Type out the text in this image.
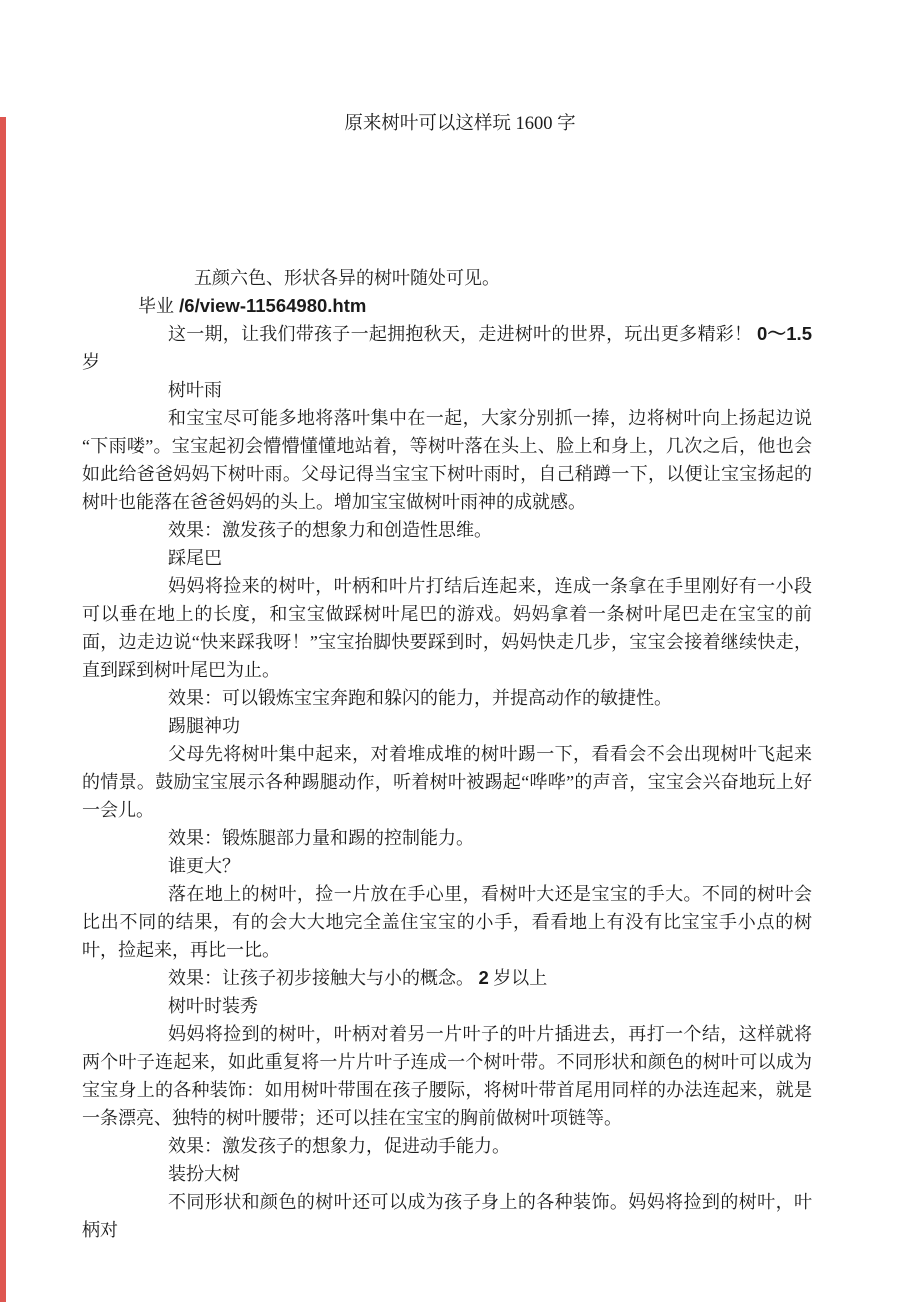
原来树叶可以这样玩 1600 字

五颜六色、形状各异的树叶随处可见。

毕业 /6/view-11564980.htm

这一期，让我们带孩子一起拥抱秋天，走进树叶的世界，玩出更多精彩！ 0～1.5 岁

树叶雨

和宝宝尽可能多地将落叶集中在一起，大家分别抓一捧，边将树叶向上扬起边说“下雨喽”。宝宝起初会懵懵懂懂地站着，等树叶落在头上、脸上和身上，几次之后，他也会如此给爸爸妈妈下树叶雨。父母记得当宝宝下树叶雨时，自己稍蹲一下，以便让宝宝扬起的树叶也能落在爸爸妈妈的头上。增加宝宝做树叶雨神的成就感。

效果：激发孩子的想象力和创造性思维。

踩尾巴

妈妈将捡来的树叶，叶柄和叶片打结后连起来，连成一条拿在手里刚好有一小段可以垂在地上的长度，和宝宝做踩树叶尾巴的游戏。妈妈拿着一条树叶尾巴走在宝宝的前面，边走边说“快来踩我呀！”宝宝抬脚快要踩到时，妈妈快走几步，宝宝会接着继续快走，直到踩到树叶尾巴为止。

效果：可以锻炼宝宝奔跑和躲闪的能力，并提高动作的敏捷性。

踢腿神功

父母先将树叶集中起来，对着堆成堆的树叶踢一下，看看会不会出现树叶飞起来的情景。鼓励宝宝展示各种踢腿动作，听着树叶被踢起“哗哗”的声音，宝宝会兴奋地玩上好一会儿。

效果：锻炼腿部力量和踢的控制能力。

谁更大？

落在地上的树叶，捡一片放在手心里，看树叶大还是宝宝的手大。不同的树叶会比出不同的结果，有的会大大地完全盖住宝宝的小手，看看地上有没有比宝宝手小点的树叶，捡起来，再比一比。

效果：让孩子初步接触大与小的概念。 2 岁以上

树叶时装秀

妈妈将捡到的树叶，叶柄对着另一片叶子的叶片插进去，再打一个结，这样就将两个叶子连起来，如此重复将一片片叶子连成一个树叶带。不同形状和颜色的树叶可以成为宝宝身上的各种装饰：如用树叶带围在孩子腰际，将树叶带首尾用同样的办法连起来，就是一条漂亮、独特的树叶腰带；还可以挂在宝宝的胸前做树叶项链等。

效果：激发孩子的想象力，促进动手能力。

装扮大树

不同形状和颜色的树叶还可以成为孩子身上的各种装饰。妈妈将捡到的树叶，叶柄对
